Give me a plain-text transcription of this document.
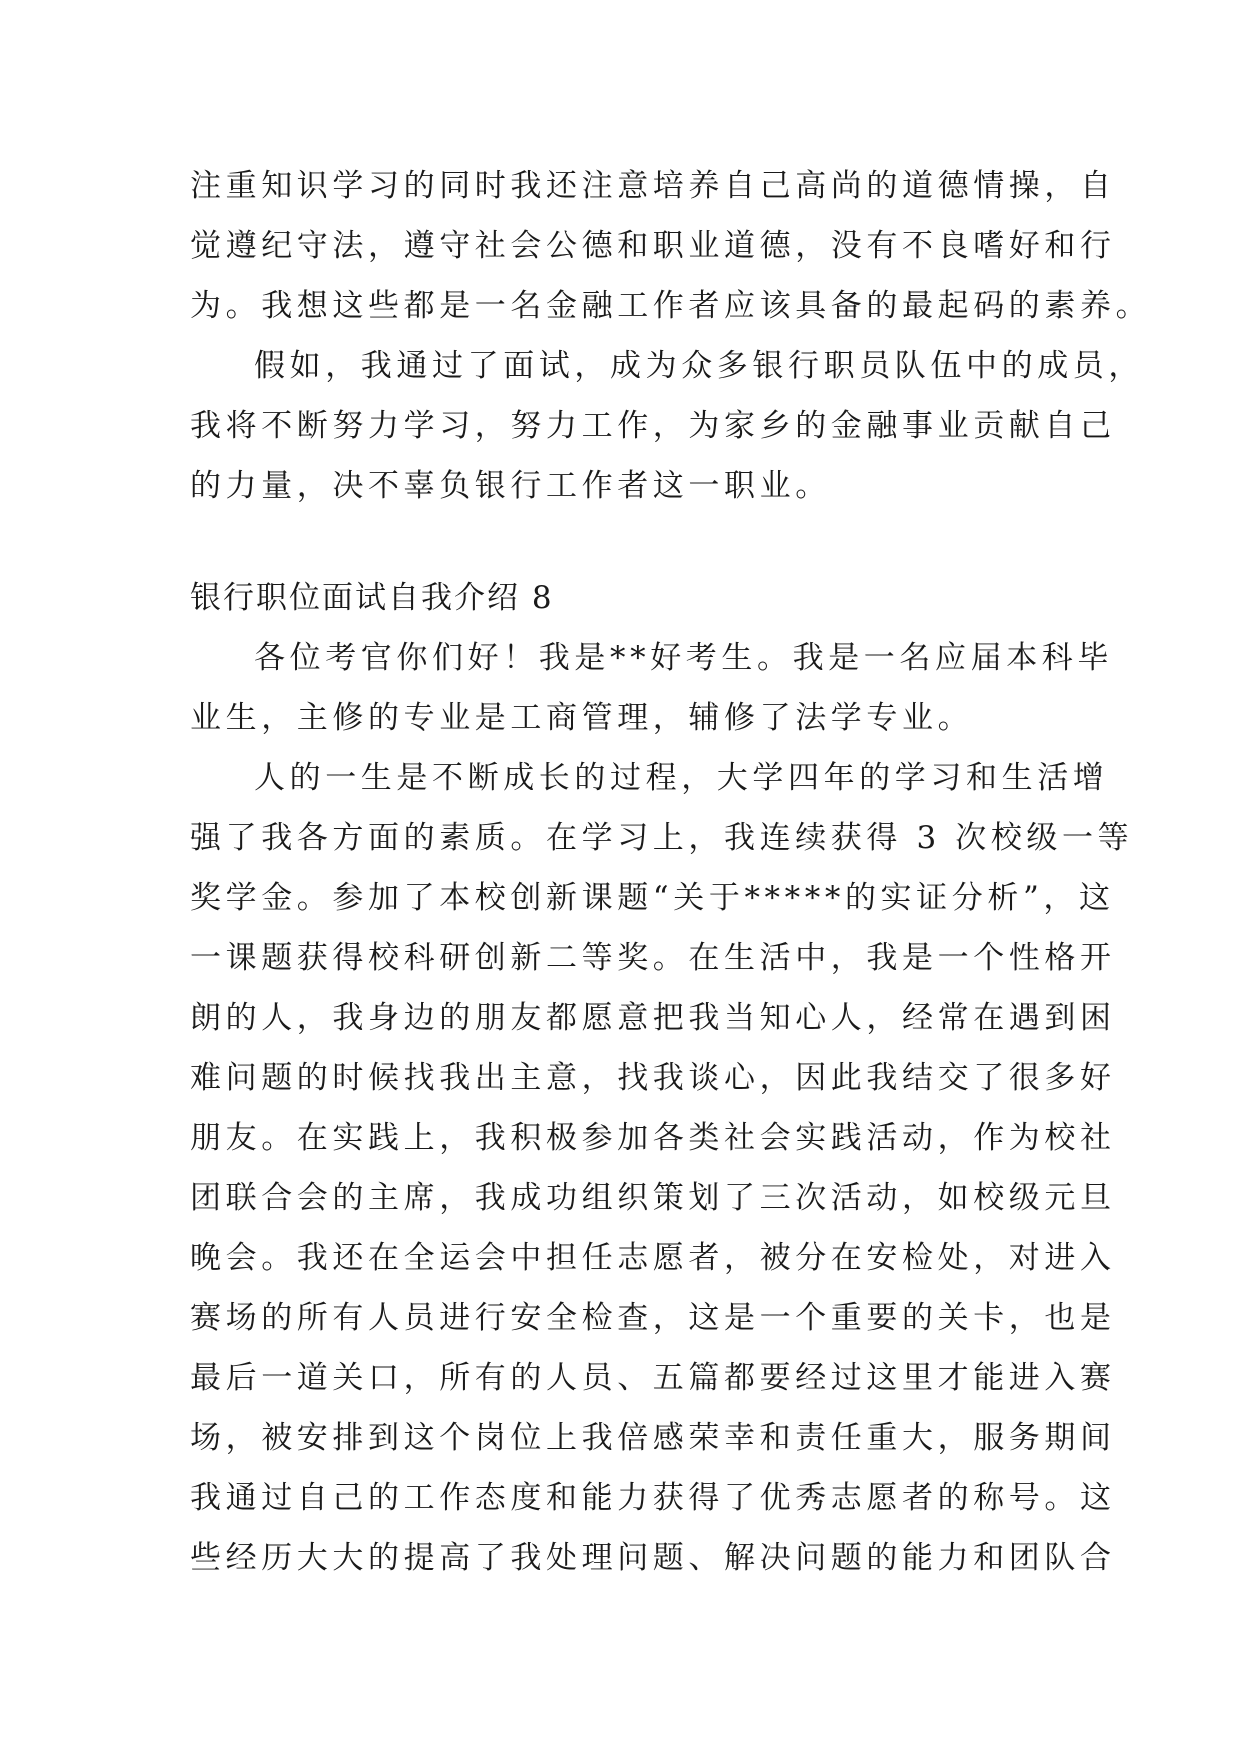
注重知识学习的同时我还注意培养自己高尚的道德情操，自
觉遵纪守法，遵守社会公德和职业道德，没有不良嗜好和行
为。我想这些都是一名金融工作者应该具备的最起码的素养。
假如，我通过了面试，成为众多银行职员队伍中的成员，
我将不断努力学习，努力工作，为家乡的金融事业贡献自己
的力量，决不辜负银行工作者这一职业。
银行职位面试自我介绍 8
各位考官你们好！我是**好考生。我是一名应届本科毕
业生，主修的专业是工商管理，辅修了法学专业。
人的一生是不断成长的过程，大学四年的学习和生活增
强了我各方面的素质。在学习上，我连续获得 3 次校级一等
奖学金。参加了本校创新课题“关于*****的实证分析”，这
一课题获得校科研创新二等奖。在生活中，我是一个性格开
朗的人，我身边的朋友都愿意把我当知心人，经常在遇到困
难问题的时候找我出主意，找我谈心，因此我结交了很多好
朋友。在实践上，我积极参加各类社会实践活动，作为校社
团联合会的主席，我成功组织策划了三次活动，如校级元旦
晚会。我还在全运会中担任志愿者，被分在安检处，对进入
赛场的所有人员进行安全检查，这是一个重要的关卡，也是
最后一道关口，所有的人员、五篇都要经过这里才能进入赛
场，被安排到这个岗位上我倍感荣幸和责任重大，服务期间
我通过自己的工作态度和能力获得了优秀志愿者的称号。这
些经历大大的提高了我处理问题、解决问题的能力和团队合
